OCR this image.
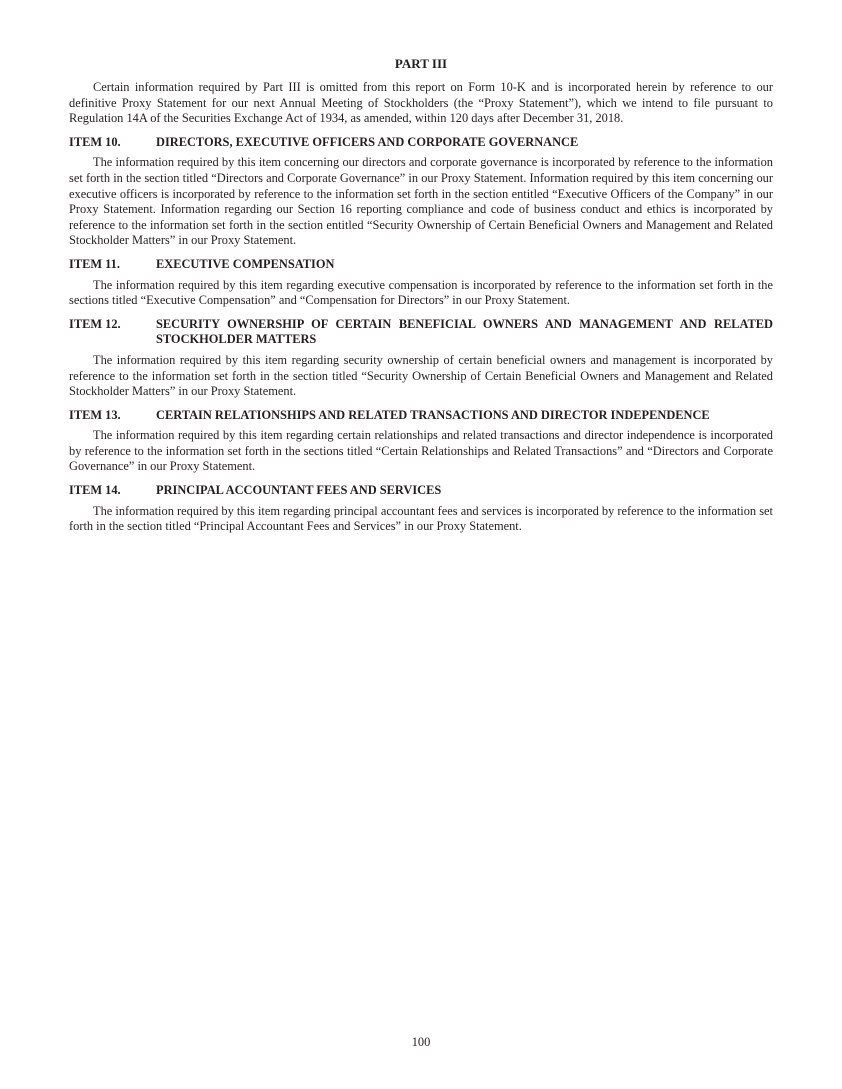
PART III

Certain information required by Part III is omitted from this report on Form 10-K and is incorporated herein by reference to our definitive Proxy Statement for our next Annual Meeting of Stockholders (the “Proxy Statement”), which we intend to file pursuant to Regulation 14A of the Securities Exchange Act of 1934, as amended, within 120 days after December 31, 2018.

ITEM 10.	DIRECTORS, EXECUTIVE OFFICERS AND CORPORATE GOVERNANCE

The information required by this item concerning our directors and corporate governance is incorporated by reference to the information set forth in the section titled “Directors and Corporate Governance” in our Proxy Statement. Information required by this item concerning our executive officers is incorporated by reference to the information set forth in the section entitled “Executive Officers of the Company” in our Proxy Statement. Information regarding our Section 16 reporting compliance and code of business conduct and ethics is incorporated by reference to the information set forth in the section entitled “Security Ownership of Certain Beneficial Owners and Management and Related Stockholder Matters” in our Proxy Statement.

ITEM 11.	EXECUTIVE COMPENSATION

The information required by this item regarding executive compensation is incorporated by reference to the information set forth in the sections titled “Executive Compensation” and “Compensation for Directors” in our Proxy Statement.

ITEM 12.	SECURITY OWNERSHIP OF CERTAIN BENEFICIAL OWNERS AND MANAGEMENT AND RELATED STOCKHOLDER MATTERS

The information required by this item regarding security ownership of certain beneficial owners and management is incorporated by reference to the information set forth in the section titled “Security Ownership of Certain Beneficial Owners and Management and Related Stockholder Matters” in our Proxy Statement.

ITEM 13.	CERTAIN RELATIONSHIPS AND RELATED TRANSACTIONS AND DIRECTOR INDEPENDENCE

The information required by this item regarding certain relationships and related transactions and director independence is incorporated by reference to the information set forth in the sections titled “Certain Relationships and Related Transactions” and “Directors and Corporate Governance” in our Proxy Statement.

ITEM 14.	PRINCIPAL ACCOUNTANT FEES AND SERVICES

The information required by this item regarding principal accountant fees and services is incorporated by reference to the information set forth in the section titled “Principal Accountant Fees and Services” in our Proxy Statement.

100
